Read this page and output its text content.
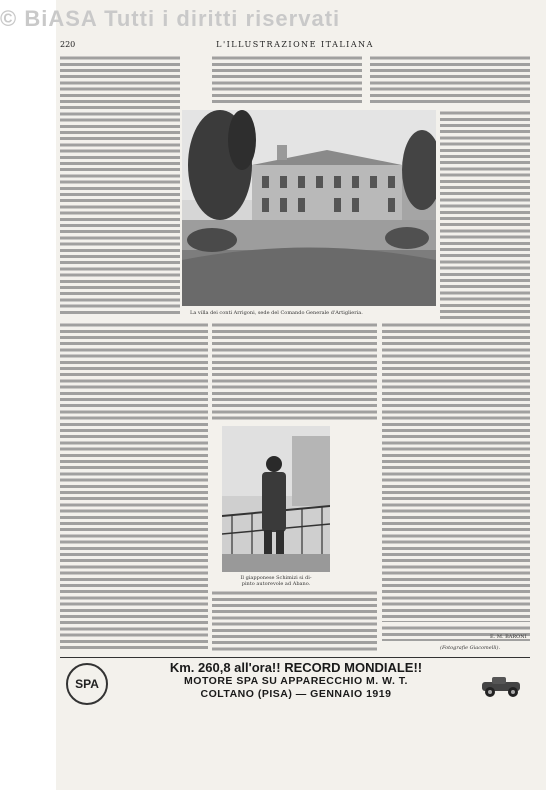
© BiASA Tutti i diritti riservati
220	L'ILLUSTRAZIONE ITALIANA
La villa dei conti Arrigoni, sede del Comando Generale d'Artiglieria.
Il giapponese Schimizi si di-
pinto autorevole ad Abano.
E. M. BARONI
(Fotografie Giacomelli).
SPA
Km. 260,8 all'ora!! RECORD MONDIALE!!
MOTORE SPA SU APPARECCHIO M. W. T.
COLTANO (PISA) — GENNAIO 1919
